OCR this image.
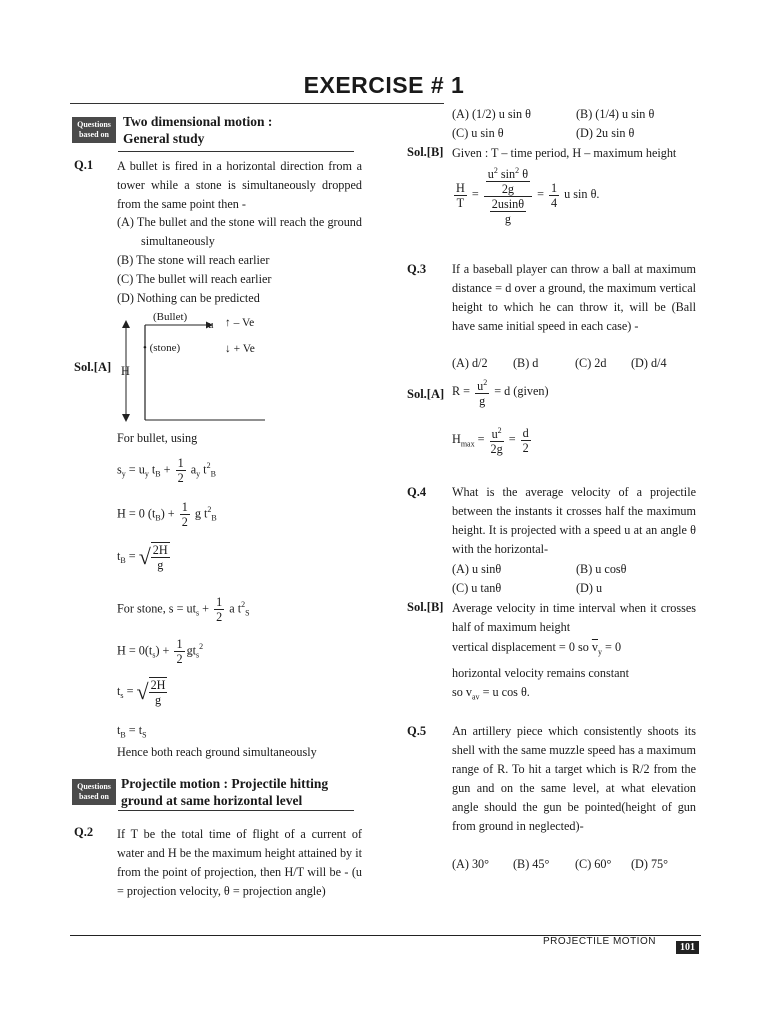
EXERCISE # 1
Questions based on
Two dimensional motion :
General study
Q.1 A bullet is fired in a horizontal direction from a tower while a stone is simultaneously dropped from the same point then -
(A) The bullet and the stone will reach the ground simultaneously
(B) The stone will reach earlier
(C) The bullet will reach earlier
(D) Nothing can be predicted
Sol.[A]
(Bullet)
u ↑ – Ve
• (stone)	↓ + Ve
H
For bullet, using
$s_y = u_y$ $t_B + \frac{1}{2} a_y$ $t^2_B$
H = 0 $(t_B) + \frac{1}{2}$ g $t^2_B$
$t_B$ = √ $\frac{2H}{g}$
For stone, $s = ut_s + \frac{1}{2}$ a $t^2_S$
$H = 0(t_s) + \frac{1}{2} gt_s^2$
$t_s$ = √ $\frac{2H}{g}$
$t_B = t_S$
Hence both reach ground simultaneously
Questions based on
Projectile motion : Projectile hitting
ground at same horizontal level
Q.2 If T be the total time of flight of a current of water and H be the maximum height attained by it from the point of projection, then H/T will be - (u = projection velocity, θ = projection angle)
(A) (1/2) u sin θ	(B) (1/4) u sin θ
(C) u sin θ	(D) 2u sin θ
Sol.[B] Given : T – time period, H – maximum height
$\frac{H}{T} = \frac{\frac{u^2 \sin^2 \theta}{2g}}{\frac{2usin\theta}{g}} = \frac{1}{4}$ u sin θ.
Q.3 If a baseball player can throw a ball at maximum distance = d over a ground, the maximum vertical height to which he can throw it, will be (Ball have same initial speed in each case) -
(A) d/2 (B) d	(C) 2d (D) d/4
Sol.[A] $R = \frac{u^2}{g} = d$ (given)
$H_{max} = \frac{u^2}{2g} = \frac{d}{2}$
Q.4 What is the average velocity of a projectile between the instants it crosses half the maximum height. It is projected with a speed u at an angle θ with the horizontal-
(A) u sinθ	(B) u cosθ
(C) u tanθ	(D) u
Sol.[B] Average velocity in time interval when it crosses half of maximum height
vertical displacement = 0 so $\overline{v}_y = 0$
horizontal velocity remains constant
so $v_{av} = u$ cos θ.
Q.5 An artillery piece which consistently shoots its shell with the same muzzle speed has a maximum range of R. To hit a target which is R/2 from the gun and on the same level, at what elevation angle should the gun be pointed(height of gun from ground in neglected)-
(A) 30° (B) 45° (C) 60° (D) 75°
PROJECTILE MOTION
101
